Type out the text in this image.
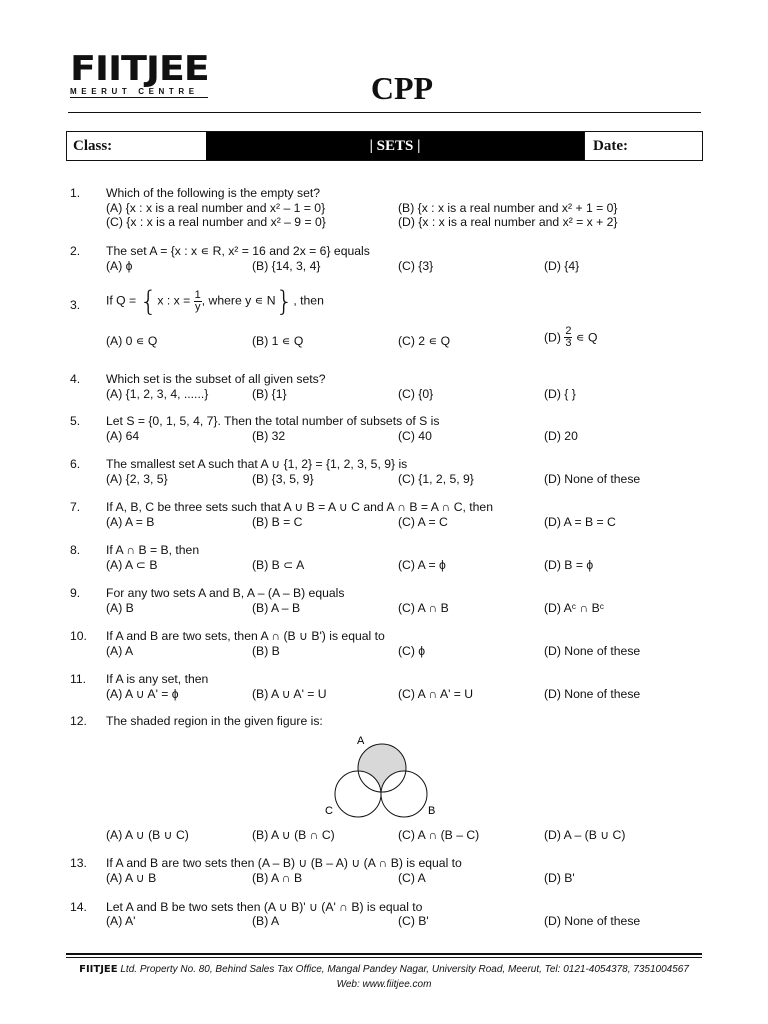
FIITJEE
MEERUT CENTRE	CPP
Class:	| SETS |	Date:
1. Which of the following is the empty set?
(A) {x : x is a real number and x² – 1 = 0}	(B) {x : x is a real number and x² + 1 = 0}
(C) {x : x is a real number and x² – 9 = 0}	(D) {x : x is a real number and x² = x + 2}
2. The set A = {x : x ∊ R, x² = 16 and 2x = 6} equals
(A) ϕ	(B) {14, 3, 4}	(C) {3}	(D) {4}
3. If Q = {x : $x = \frac{1}{y}$ , where y ∊ N}, then
(A) 0 ∊ Q	(B) 1 ∊ Q	(C) 2 ∊ Q	$(D) \frac{2}{3}$ ∊ Q
4. Which set is the subset of all given sets?
(A) {1, 2, 3, 4, ......}	(B) {1}	(C) {0}	(D) { }
5. Let S = {0, 1, 5, 4, 7}. Then the total number of subsets of S is
(A) 64	(B) 32	(C) 40	(D) 20
6. The smallest set A such that A ∪ {1, 2} = {1, 2, 3, 5, 9} is
(A) {2, 3, 5}	(B) {3, 5, 9}	(C) {1, 2, 5, 9}	(D) None of these
7. If A, B, C be three sets such that A ∪ B = A ∪ C and A ∩ B = A ∩ C, then
(A) A = B	(B) B = C	(C) A = C	(D) A = B = C
8. If A ∩ B = B, then
(A) A ⊂ B	(B) B ⊂ A	(C) A = ϕ	(D) B = ϕ
9. For any two sets A and B, A – (A – B) equals
(A) B	(B) A – B	(C) A ∩ B	(D) Aᶜ ∩ Bᶜ
10. If A and B are two sets, then A ∩ (B ∪ B') is equal to
(A) A	(B) B	(C) ϕ	(D) None of these
11. If A is any set, then
(A) A ∪ A' = ϕ	(B) A ∪ A' = U	(C) A ∩ A' = U	(D) None of these
12. The shaded region in the given figure is:
(A) A ∪ (B ∪ C)	(B) A ∪ (B ∩ C)	(C) A ∩ (B – C)	(D) A – (B ∪ C)
A
B
C
13. If A and B are two sets then (A – B) ∪ (B – A) ∪ (A ∩ B) is equal to
(A) A ∪ B	(B) A ∩ B	(C) A	(D) B'
14. Let A and B be two sets then (A ∪ B)' ∪ (A' ∩ B) is equal to
(A) A'	(B) A	(C) B'	(D) None of these
FIITJEE Ltd. Property No. 80, Behind Sales Tax Office, Mangal Pandey Nagar, University Road, Meerut, Tel: 0121-4054378, 7351004567
Web: www.fiitjee.com
